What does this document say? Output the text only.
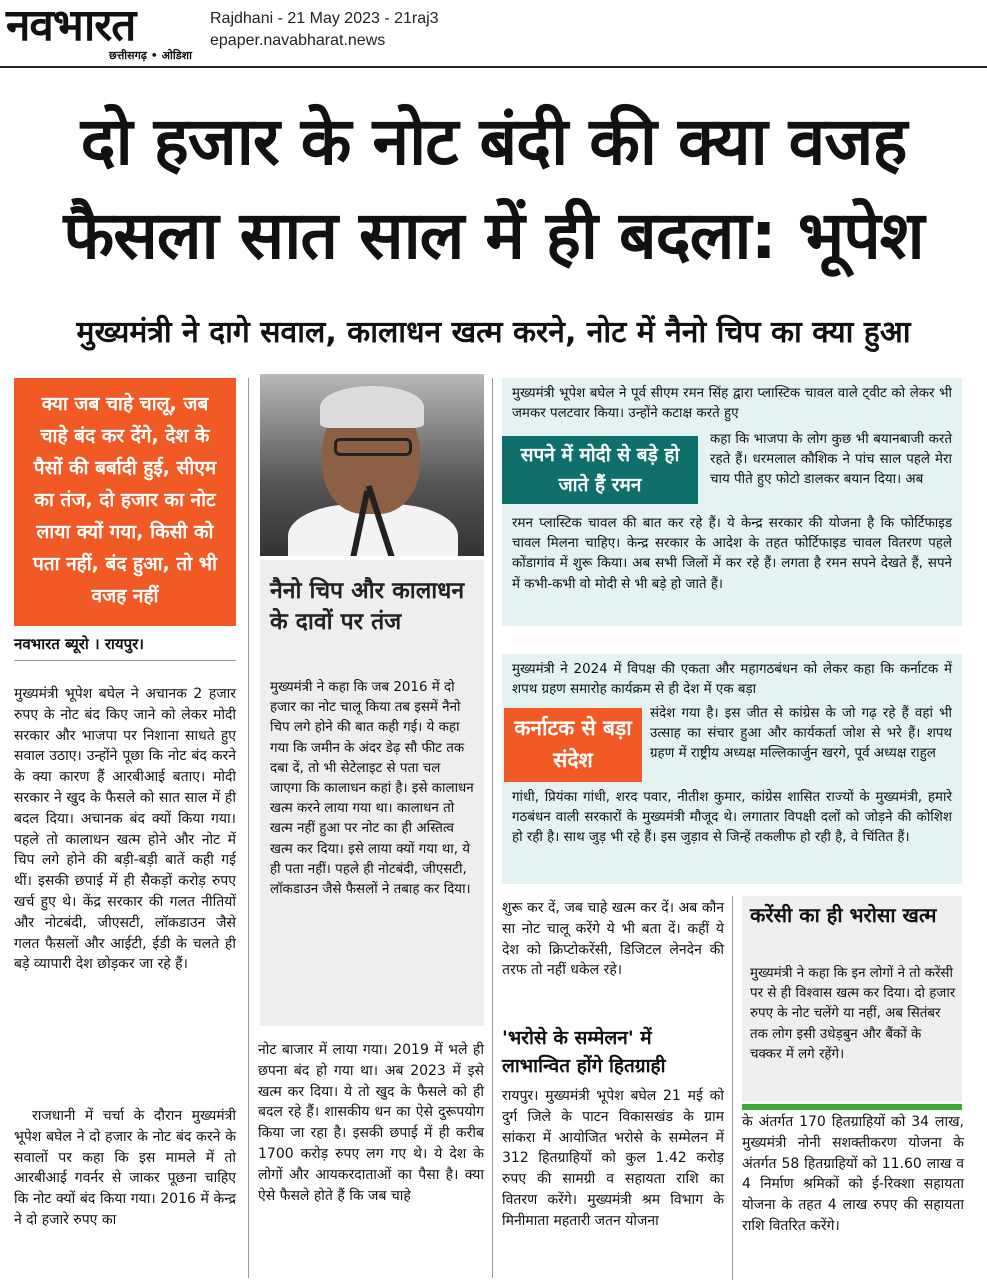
नवभारत
छत्तीसगढ़ • ओडिशा
Rajdhani - 21 May 2023 - 21raj3
epaper.navabharat.news
दो हजार के नोट बंदी की क्या वजह
फैसला सात साल में ही बदला: भूपेश
मुख्यमंत्री ने दागे सवाल, कालाधन खत्म करने, नोट में नैनो चिप का क्या हुआ
क्या जब चाहे चालू, जब चाहे बंद कर देंगे, देश के पैसों की बर्बादी हुई, सीएम का तंज, दो हजार का नोट लाया क्यों गया, किसी को पता नहीं, बंद हुआ, तो भी वजह नहीं
नवभारत ब्यूरो । रायपुर।
मुख्यमंत्री भूपेश बघेल ने अचानक 2 हजार रुपए के नोट बंद किए जाने को लेकर मोदी सरकार और भाजपा पर निशाना साधते हुए सवाल उठाए। उन्होंने पूछा कि नोट बंद करने के क्या कारण हैं आरबीआई बताए। मोदी सरकार ने खुद के फैसले को सात साल में ही बदल दिया। अचानक बंद क्यों किया गया। पहले तो कालाधन खत्म होने और नोट में चिप लगे होने की बड़ी-बड़ी बातें कही गई थीं। इसकी छपाई में ही सैकड़ों करोड़ रुपए खर्च हुए थे। केंद्र सरकार की गलत नीतियों और नोटबंदी, जीएसटी, लॉकडाउन जैसे गलत फैसलों और आईटी, ईडी के चलते ही बड़े व्यापारी देश छोड़कर जा रहे हैं।
राजधानी में चर्चा के दौरान मुख्यमंत्री भूपेश बघेल ने दो हजार के नोट बंद करने के सवालों पर कहा कि इस मामले में तो आरबीआई गवर्नर से जाकर पूछना चाहिए कि नोट क्यों बंद किया गया। 2016 में केन्द्र ने दो हजारे रुपए का
नैनो चिप और कालाधन के दावों पर तंज
मुख्यमंत्री ने कहा कि जब 2016 में दो हजार का नोट चालू किया तब इसमें नैनो चिप लगे होने की बात कही गई। ये कहा गया कि जमीन के अंदर डेढ़ सौ फीट तक दबा दें, तो भी सेटेलाइट से पता चल जाएगा कि कालाधन कहां है। इसे कालाधन खत्म करने लाया गया था। कालाधन तो खत्म नहीं हुआ पर नोट का ही अस्तित्व खत्म कर दिया। इसे लाया क्यों गया था, ये ही पता नहीं। पहले ही नोटबंदी, जीएसटी, लॉकडाउन जैसे फैसलों ने तबाह कर दिया।
नोट बाजार में लाया गया। 2019 में भले ही छपना बंद हो गया था। अब 2023 में इसे खत्म कर दिया। ये तो खुद के फैसले को ही बदल रहे हैं। शासकीय धन का ऐसे दुरूपयोग किया जा रहा है। इसकी छपाई में ही करीब 1700 करोड़ रुपए लग गए थे। ये देश के लोगों और आयकरदाताओं का पैसा है। क्या ऐसे फैसले होते हैं कि जब चाहे
मुख्यमंत्री भूपेश बघेल ने पूर्व सीएम रमन सिंह द्वारा प्लास्टिक चावल वाले ट्वीट को लेकर भी जमकर पलटवार किया। उन्होंने कटाक्ष करते हुए
सपने में मोदी से बड़े हो जाते हैं रमन
कहा कि भाजपा के लोग कुछ भी बयानबाजी करते रहते हैं। धरमलाल कौशिक ने पांच साल पहले मेरा चाय पीते हुए फोटो डालकर बयान दिया। अब
रमन प्लास्टिक चावल की बात कर रहे हैं। ये केन्द्र सरकार की योजना है कि फोर्टिफाइड चावल मिलना चाहिए। केन्द्र सरकार के आदेश के तहत फोर्टिफाइड चावल वितरण पहले कोंडागांव में शुरू किया। अब सभी जिलों में कर रहे हैं। लगता है रमन सपने देखते हैं, सपने में कभी-कभी वो मोदी से भी बड़े हो जाते हैं।
मुख्यमंत्री ने 2024 में विपक्ष की एकता और महागठबंधन को लेकर कहा कि कर्नाटक में शपथ ग्रहण समारोह कार्यक्रम से ही देश में एक बड़ा
कर्नाटक से बड़ा संदेश
संदेश गया है। इस जीत से कांग्रेस के जो गढ़ रहे हैं वहां भी उत्साह का संचार हुआ और कार्यकर्ता जोश से भरे हैं। शपथ ग्रहण में राष्ट्रीय अध्यक्ष मल्लिकार्जुन खरगे, पूर्व अध्यक्ष राहुल
गांधी, प्रियंका गांधी, शरद पवार, नीतीश कुमार, कांग्रेस शासित राज्यों के मुख्यमंत्री, हमारे गठबंधन वाली सरकारों के मुख्यमंत्री मौजूद थे। लगातार विपक्षी दलों को जोड़ने की कोशिश हो रही है। साथ जुड़ भी रहे हैं। इस जुड़ाव से जिन्हें तकलीफ हो रही है, वे चिंतित हैं।
शुरू कर दें, जब चाहे खत्म कर दें। अब कौन सा नोट चालू करेंगे ये भी बता दें। कहीं ये देश को क्रिप्टोकरेंसी, डिजिटल लेनदेन की तरफ तो नहीं धकेल रहे।
'भरोसे के सम्मेलन' में लाभान्वित होंगे हितग्राही
रायपुर। मुख्यमंत्री भूपेश बघेल 21 मई को दुर्ग जिले के पाटन विकासखंड के ग्राम सांकरा में आयोजित भरोसे के सम्मेलन में 312 हितग्राहियों को कुल 1.42 करोड़ रुपए की सामग्री व सहायता राशि का वितरण करेंगे। मुख्यमंत्री श्रम विभाग के मिनीमाता महतारी जतन योजना
करेंसी का ही भरोसा खत्म
मुख्यमंत्री ने कहा कि इन लोगों ने तो करेंसी पर से ही विश्वास खत्म कर दिया। दो हजार रुपए के नोट चलेंगे या नहीं, अब सितंबर तक लोग इसी उधेड़बुन और बैंकों के चक्कर में लगे रहेंगे।
के अंतर्गत 170 हितग्राहियों को 34 लाख, मुख्यमंत्री नोनी सशक्तीकरण योजना के अंतर्गत 58 हितग्राहियों को 11.60 लाख व 4 निर्माण श्रमिकों को ई-रिक्शा सहायता योजना के तहत 4 लाख रुपए की सहायता राशि वितरित करेंगे।
